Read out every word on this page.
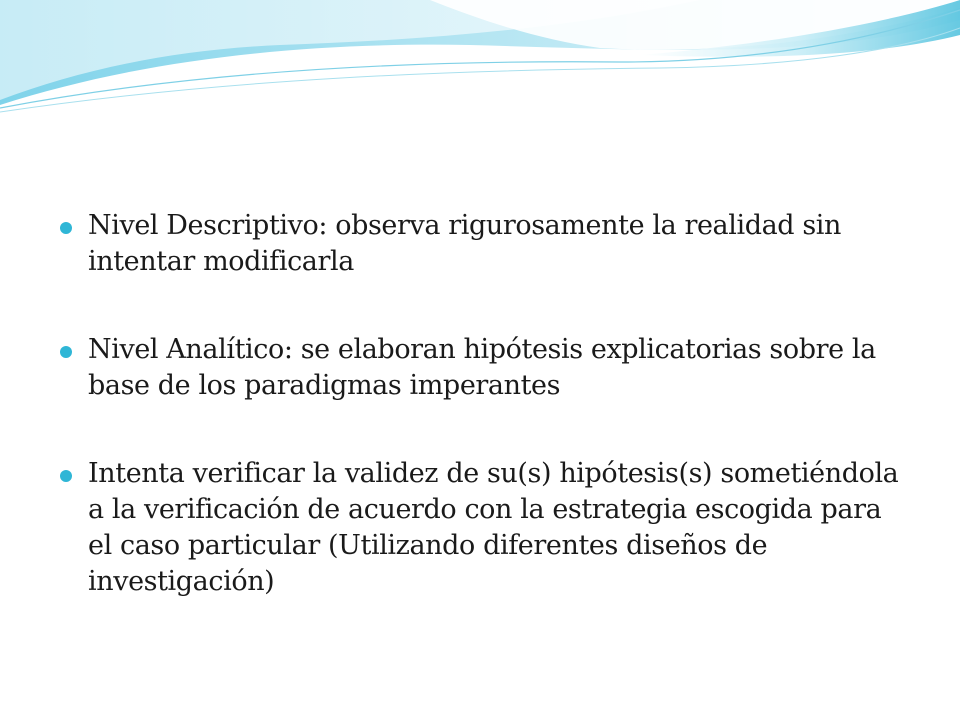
Nivel Descriptivo: observa rigurosamente la realidad sin intentar modificarla
Nivel Analítico: se elaboran hipótesis explicatorias sobre la base de los paradigmas imperantes
Intenta verificar la validez de su(s) hipótesis(s) sometiéndola a la verificación de acuerdo con la estrategia escogida para el caso particular (Utilizando diferentes diseños de investigación)
